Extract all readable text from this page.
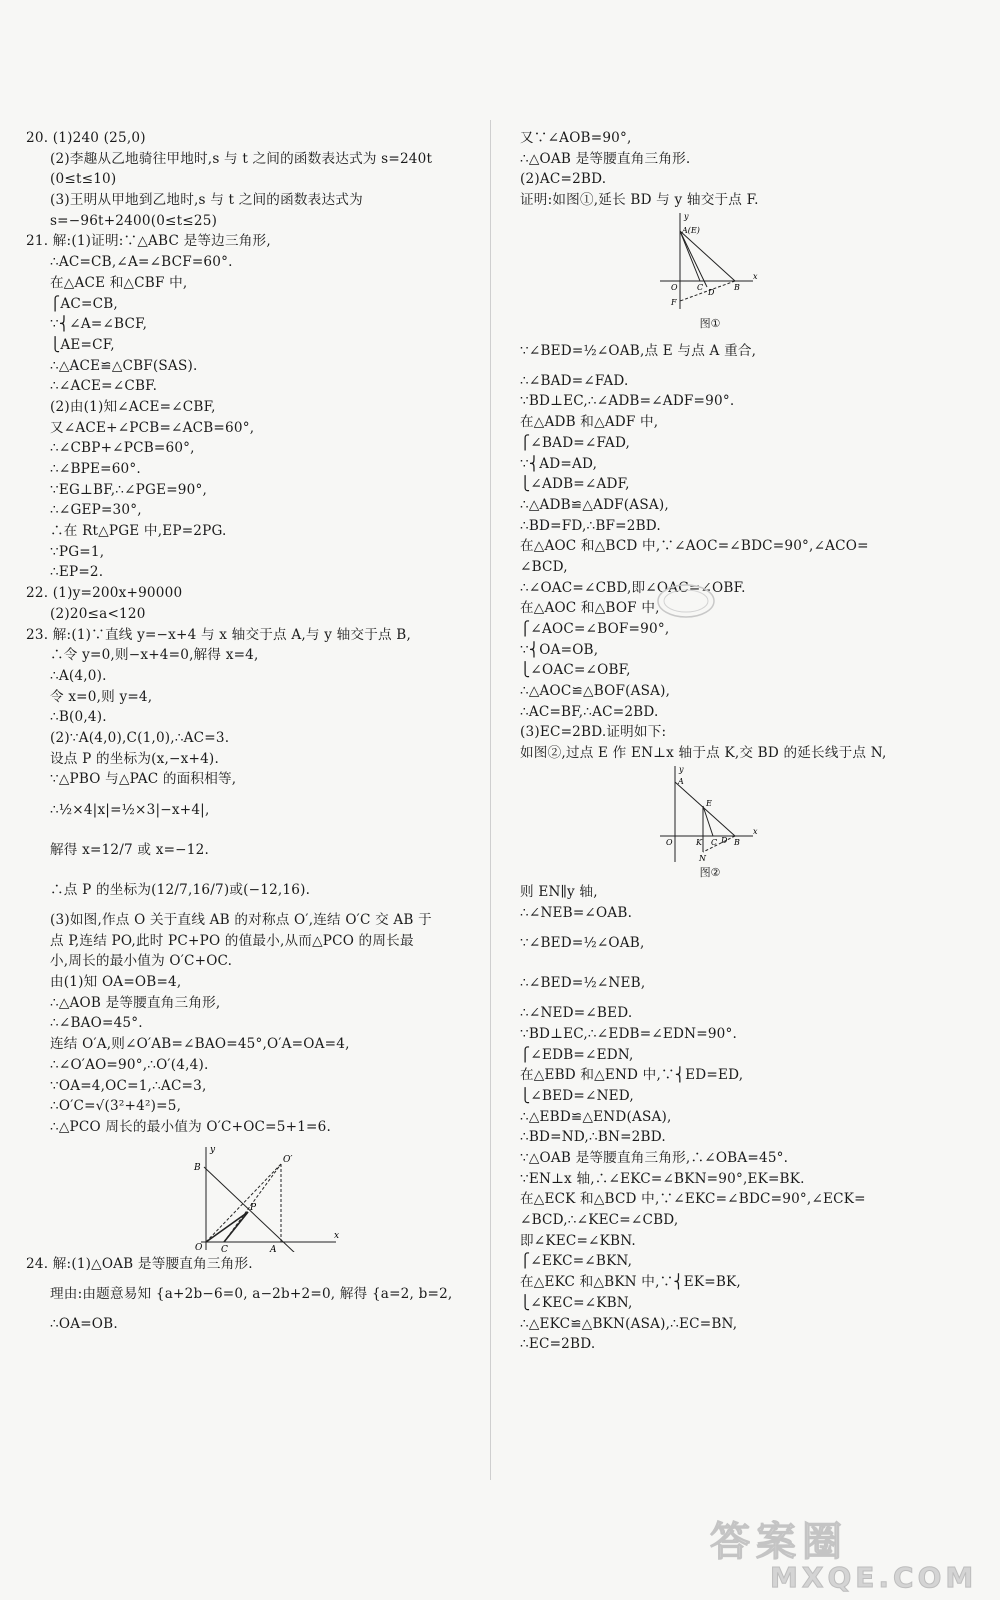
20. (1)240 (25,0)
(2)李趣从乙地骑往甲地时,s 与 t 之间的函数表达式为 s=240t
(0≤t≤10)
(3)王明从甲地到乙地时,s 与 t 之间的函数表达式为
s=−96t+2400(0≤t≤25)
21. 解:(1)证明:∵△ABC 是等边三角形,
∴AC=CB,∠A=∠BCF=60°.
在△ACE 和△CBF 中,
⎧AC=CB,
∵⎨∠A=∠BCF,
⎩AE=CF,
∴△ACE≌△CBF(SAS).
∴∠ACE=∠CBF.
(2)由(1)知∠ACE=∠CBF,
又∠ACE+∠PCB=∠ACB=60°,
∴∠CBP+∠PCB=60°,
∴∠BPE=60°.
∵EG⊥BF,∴∠PGE=90°,
∴∠GEP=30°,
∴在 Rt△PGE 中,EP=2PG.
∵PG=1,
∴EP=2.
22. (1)y=200x+90000
(2)20≤a<120
23. 解:(1)∵直线 y=−x+4 与 x 轴交于点 A,与 y 轴交于点 B,
∴令 y=0,则−x+4=0,解得 x=4,
∴A(4,0).
令 x=0,则 y=4,
∴B(0,4).
(2)∵A(4,0),C(1,0),∴AC=3.
设点 P 的坐标为(x,−x+4).
∵△PBO 与△PAC 的面积相等,
∴½×4|x|=½×3|−x+4|,
解得 x=12/7 或 x=−12.
∴点 P 的坐标为(12/7,16/7)或(−12,16).
(3)如图,作点 O 关于直线 AB 的对称点 O′,连结 O′C 交 AB 于
点 P,连结 PO,此时 PC+PO 的值最小,从而△PCO 的周长最
小,周长的最小值为 O′C+OC.
由(1)知 OA=OB=4,
∴△AOB 是等腰直角三角形,
∴∠BAO=45°.
连结 O′A,则∠O′AB=∠BAO=45°,O′A=OA=4,
∴∠O′AO=90°,∴O′(4,4).
∵OA=4,OC=1,∴AC=3,
∴O′C=√(3²+4²)=5,
∴△PCO 周长的最小值为 O′C+OC=5+1=6.
y
x
B
O′
P
O C	A
24. 解:(1)△OAB 是等腰直角三角形.
理由:由题意易知 {a+2b−6=0, a−2b+2=0, 解得 {a=2, b=2,
∴OA=OB.
又∵∠AOB=90°,
∴△OAB 是等腰直角三角形.
(2)AC=2BD.
证明:如图①,延长 BD 与 y 轴交于点 F.
y
x
A(E)
O C
D
B
F
图①
∵∠BED=½∠OAB,点 E 与点 A 重合,
∴∠BAD=∠FAD.
∵BD⊥EC,∴∠ADB=∠ADF=90°.
在△ADB 和△ADF 中,
⎧∠BAD=∠FAD,
∵⎨AD=AD,
⎩∠ADB=∠ADF,
∴△ADB≌△ADF(ASA),
∴BD=FD,∴BF=2BD.
在△AOC 和△BCD 中,∵∠AOC=∠BDC=90°,∠ACO=
∠BCD,
∴∠OAC=∠CBD,即∠OAC=∠OBF.
在△AOC 和△BOF 中,
⎧∠AOC=∠BOF=90°,
∵⎨OA=OB,
⎩∠OAC=∠OBF,
∴△AOC≌△BOF(ASA),
∴AC=BF,∴AC=2BD.
(3)EC=2BD.证明如下:
如图②,过点 E 作 EN⊥x 轴于点 K,交 BD 的延长线于点 N,
y
x
A
E
O	K C D B
N
图②
则 EN∥y 轴,
∴∠NEB=∠OAB.
∵∠BED=½∠OAB,
∴∠BED=½∠NEB,
∴∠NED=∠BED.
∵BD⊥EC,∴∠EDB=∠EDN=90°.
⎧∠EDB=∠EDN,
在△EBD 和△END 中,∵⎨ED=ED,
⎩∠BED=∠NED,
∴△EBD≌△END(ASA),
∴BD=ND,∴BN=2BD.
∵△OAB 是等腰直角三角形,∴∠OBA=45°.
∵EN⊥x 轴,∴∠EKC=∠BKN=90°,EK=BK.
在△ECK 和△BCD 中,∵∠EKC=∠BDC=90°,∠ECK=
∠BCD,∴∠KEC=∠CBD,
即∠KEC=∠KBN.
⎧∠EKC=∠BKN,
在△EKC 和△BKN 中,∵⎨EK=BK,
⎩∠KEC=∠KBN,
∴△EKC≌△BKN(ASA),∴EC=BN,
∴EC=2BD.
答案圈
MXQE.COM
